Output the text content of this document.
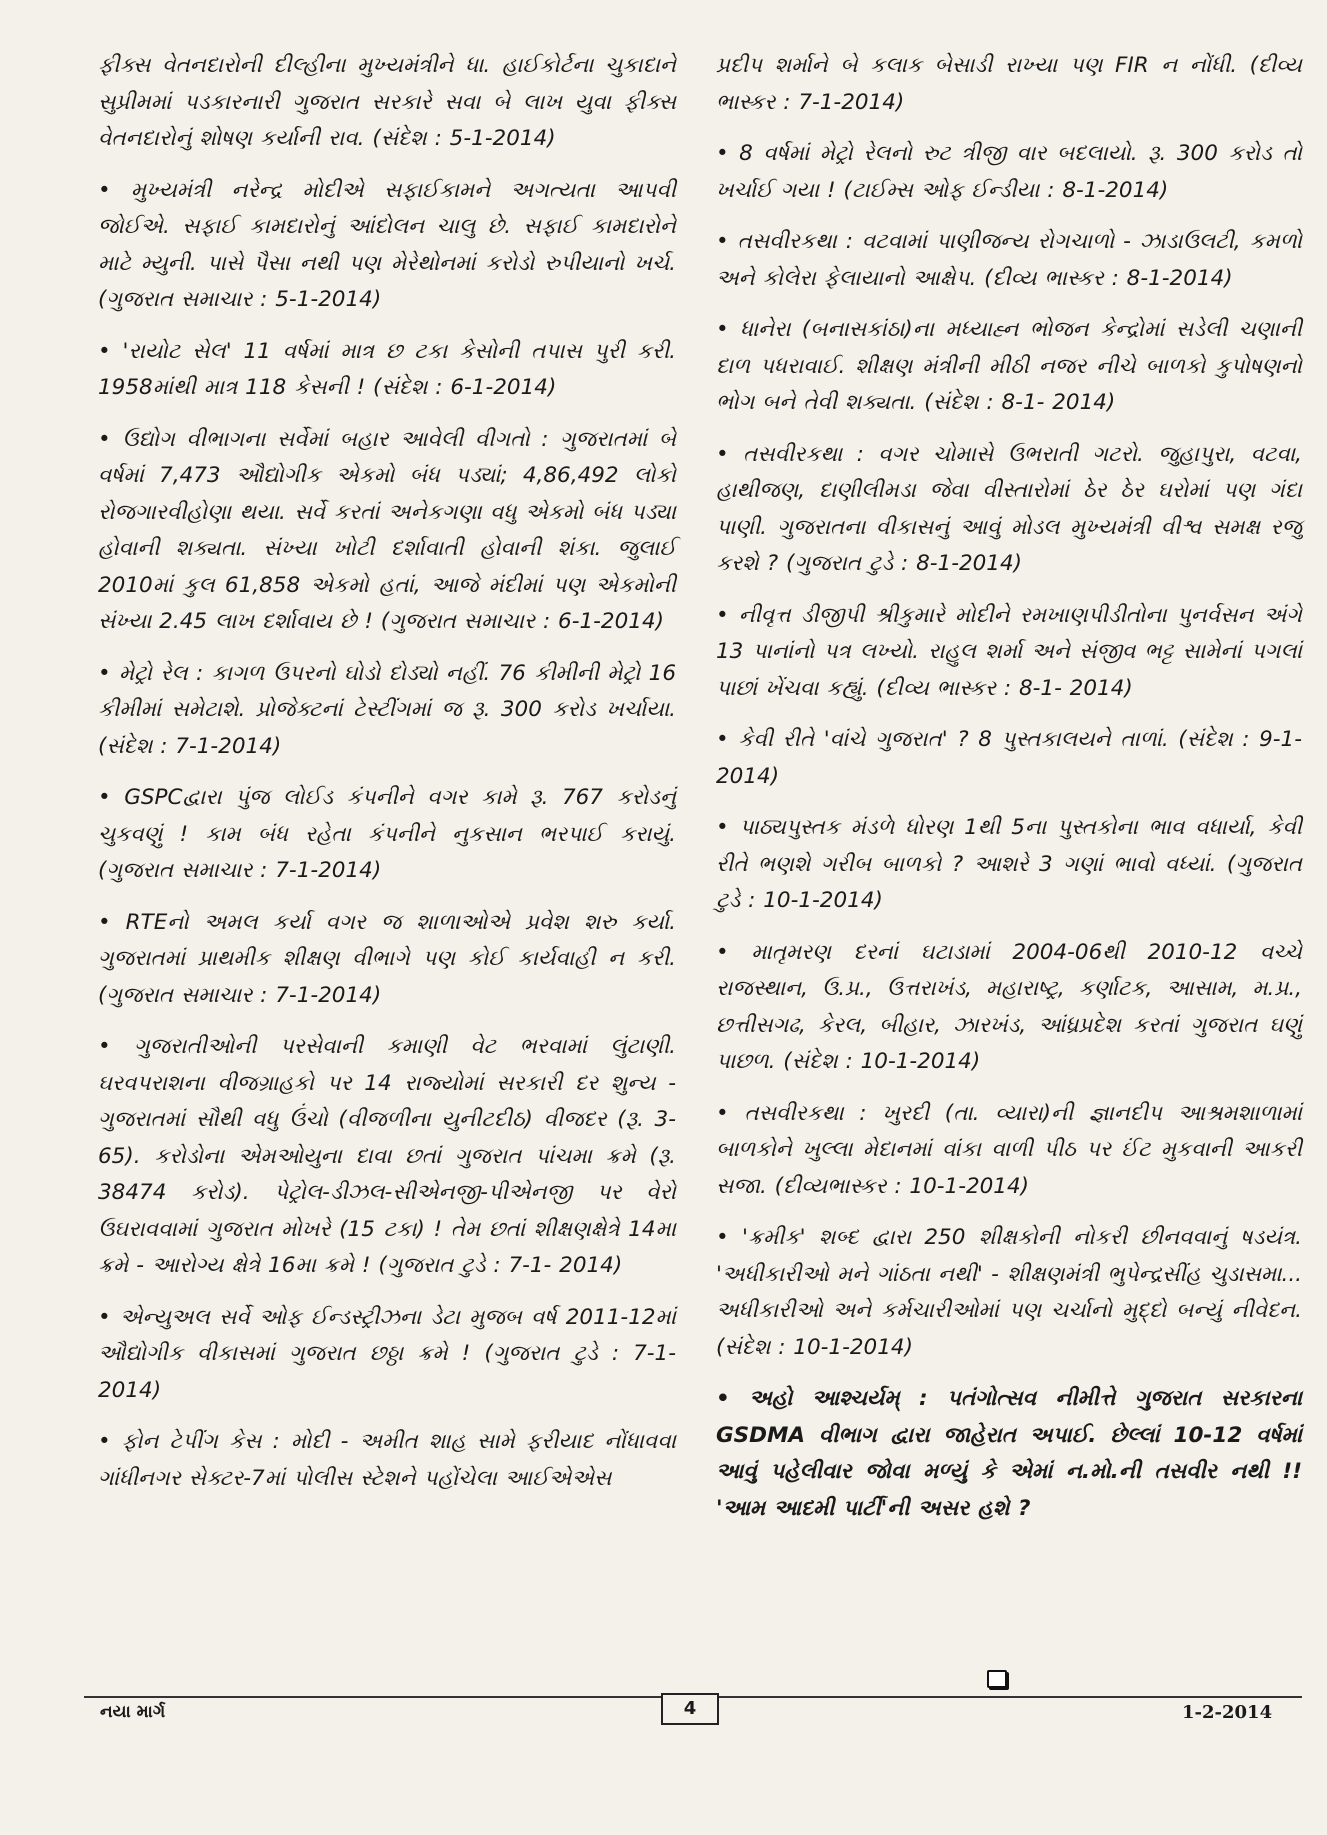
ફીક્સ વેતનદારોની દીલ્હીના મુખ્યમંત્રીને ધા. હાઈકોર્ટના ચુકાદાને સુપ્રીમમાં પડકારનારી ગુજરાત સરકારે સવા બે લાખ યુવા ફીક્સ વેતનદારોનું શોષણ કર્યાની રાવ. (સંદેશ : 5-1-2014)

• મુખ્યમંત્રી નરેન્દ્ર મોદીએ સફાઈકામને અગત્યતા આપવી જોઈએ. સફાઈ કામદારોનું આંદોલન ચાલુ છે. સફાઈ કામદારોને માટે મ્યુની. પાસે પૈસા નથી પણ મેરેથોનમાં કરોડો રુપીયાનો ખર્ચ. (ગુજરાત સમાચાર : 5-1-2014)

• 'રાયોટ સેલ' 11 વર્ષમાં માત્ર છ ટકા કેસોની તપાસ પુરી કરી. 1958માંથી માત્ર 118 કેસની ! (સંદેશ : 6-1-2014)

• ઉદ્યોગ વીભાગના સર્વેમાં બહાર આવેલી વીગતો : ગુજરાતમાં બે વર્ષમાં 7,473 ઔદ્યોગીક એકમો બંધ પડ્યાં; 4,86,492 લોકો રોજગારવીહોણા થયા. સર્વે કરતાં અનેકગણા વધુ એકમો બંધ પડ્યા હોવાની શક્યતા. સંખ્યા ખોટી દર્શાવાતી હોવાની શંકા. જુલાઈ 2010માં કુલ 61,858 એકમો હતાં, આજે મંદીમાં પણ એકમોની સંખ્યા 2.45 લાખ દર્શાવાય છે ! (ગુજરાત સમાચાર : 6-1-2014)

• મેટ્રો રેલ : કાગળ ઉપરનો ઘોડો દોડ્યો નહીં. 76 કીમીની મેટ્રો 16 કીમીમાં સમેટાશે. પ્રોજેક્ટનાં ટેસ્ટીંગમાં જ રૂ. 300 કરોડ ખર્ચાયા. (સંદેશ : 7-1-2014)

• GSPCદ્વારા પુંજ લોઈડ કંપનીને વગર કામે રૂ. 767 કરોડનું ચુકવણું ! કામ બંધ રહેતા કંપનીને નુકસાન ભરપાઈ કરાયું. (ગુજરાત સમાચાર : 7-1-2014)

• RTEનો અમલ કર્યા વગર જ શાળાઓએ પ્રવેશ શરુ કર્યા. ગુજરાતમાં પ્રાથમીક શીક્ષણ વીભાગે પણ કોઈ કાર્યવાહી ન કરી. (ગુજરાત સમાચાર : 7-1-2014)

• ગુજરાતીઓની પરસેવાની કમાણી વેટ ભરવામાં લુંટાણી. ઘરવપરાશના વીજગ્રાહકો પર 14 રાજ્યોમાં સરકારી દર શુન્ય - ગુજરાતમાં સૌથી વધુ ઉંચો (વીજળીના યુનીટદીઠ) વીજદર (રૂ. 3-65). કરોડોના એમઓયુના દાવા છતાં ગુજરાત પાંચમા ક્રમે (રૂ. 38474 કરોડ). પેટ્રોલ-ડીઝલ-સીએનજી-પીએનજી પર વેરો ઉઘરાવવામાં ગુજરાત મોખરે (15 ટકા) ! તેમ છતાં શીક્ષણક્ષેત્રે 14મા ક્રમે - આરોગ્ય ક્ષેત્રે 16મા ક્રમે ! (ગુજરાત ટુડે : 7-1- 2014)

• એન્યુઅલ સર્વે ઓફ ઈન્ડસ્ટ્રીઝના ડેટા મુજબ વર્ષ 2011-12માં ઔદ્યોગીક વીકાસમાં ગુજરાત છઠ્ઠા ક્રમે ! (ગુજરાત ટુડે : 7-1-2014)

• ફોન ટેપીંગ કેસ : મોદી - અમીત શાહ સામે ફરીયાદ નોંધાવવા ગાંધીનગર સેક્ટર-7માં પોલીસ સ્ટેશને પહોંચેલા આઈએએસ

પ્રદીપ શર્માને બે કલાક બેસાડી રાખ્યા પણ FIR ન નોંધી. (દીવ્ય ભાસ્કર : 7-1-2014)

• 8 વર્ષમાં મેટ્રો રેલનો રુટ ત્રીજી વાર બદલાયો. રૂ. 300 કરોડ તો ખર્ચાઈ ગયા ! (ટાઈમ્સ ઓફ ઈન્ડીયા : 8-1-2014)

• તસવીરકથા : વટવામાં પાણીજન્ય રોગચાળો - ઝાડાઉલટી, કમળો અને કોલેરા ફેલાયાનો આક્ષેપ. (દીવ્ય ભાસ્કર : 8-1-2014)

• ધાનેરા (બનાસકાંઠા)ના મધ્યાહ્ન ભોજન કેન્દ્રોમાં સડેલી ચણાની દાળ પધરાવાઈ. શીક્ષણ મંત્રીની મીઠી નજર નીચે બાળકો કુપોષણનો ભોગ બને તેવી શક્યતા. (સંદેશ : 8-1- 2014)

• તસવીરકથા : વગર ચોમાસે ઉભરાતી ગટરો. જુહાપુરા, વટવા, હાથીજણ, દાણીલીમડા જેવા વીસ્તારોમાં ઠેર ઠેર ઘરોમાં પણ ગંદા પાણી. ગુજરાતના વીકાસનું આવું મોડલ મુખ્યમંત્રી વીશ્વ સમક્ષ રજુ કરશે ? (ગુજરાત ટુડે : 8-1-2014)

• નીવૃત્ત ડીજીપી શ્રીકુમારે મોદીને રમખાણપીડીતોના પુનર્વસન અંગે 13 પાનાંનો પત્ર લખ્યો. રાહુલ શર્મા અને સંજીવ ભટ્ટ સામેનાં પગલાં પાછાં ખેંચવા કહ્યું. (દીવ્ય ભાસ્કર : 8-1- 2014)

• કેવી રીતે 'વાંચે ગુજરાત' ? 8 પુસ્તકાલયને તાળાં. (સંદેશ : 9-1-2014)

• પાઠ્યપુસ્તક મંડળે ધોરણ 1થી 5ના પુસ્તકોના ભાવ વધાર્યા, કેવી રીતે ભણશે ગરીબ બાળકો ? આશરે 3 ગણાં ભાવો વધ્યાં. (ગુજરાત ટુડે : 10-1-2014)

• માતૃમરણ દરનાં ઘટાડામાં 2004-06થી 2010-12 વચ્ચે રાજસ્થાન, ઉ.પ્ર., ઉત્તરાખંડ, મહારાષ્ટ્ર, કર્ણાટક, આસામ, મ.પ્ર., છત્તીસગઢ, કેરલ, બીહાર, ઝારખંડ, આંધ્રપ્રદેશ કરતાં ગુજરાત ઘણું પાછળ. (સંદેશ : 10-1-2014)

• તસવીરકથા : ખુરદી (તા. વ્યારા)ની જ્ઞાનદીપ આશ્રમશાળામાં બાળકોને ખુલ્લા મેદાનમાં વાંકા વાળી પીઠ પર ઈંટ મુકવાની આકરી સજા. (દીવ્યભાસ્કર : 10-1-2014)

• 'ક્રમીક' શબ્દ દ્વારા 250 શીક્ષકોની નોકરી છીનવવાનું ષડયંત્ર. 'અધીકારીઓ મને ગાંઠતા નથી' - શીક્ષણમંત્રી ભુપેન્દ્રસીંહ ચુડાસમા... અધીકારીઓ અને કર્મચારીઓમાં પણ ચર્ચાનો મુદ્દો બન્યું નીવેદન. (સંદેશ : 10-1-2014)

• અહો આશ્ચર્યમ્ : પતંગોત્સવ નીમીત્તે ગુજરાત સરકારના GSDMA વીભાગ દ્વારા જાહેરાત અપાઈ. છેલ્લાં 10-12 વર્ષમાં આવું પહેલીવાર જોવા મળ્યું કે એમાં ન.મો.ની તસવીર નથી !! 'આમ આદમી પાર્ટી'ની અસર હશે ?

નયા માર્ગ	4	1-2-2014
